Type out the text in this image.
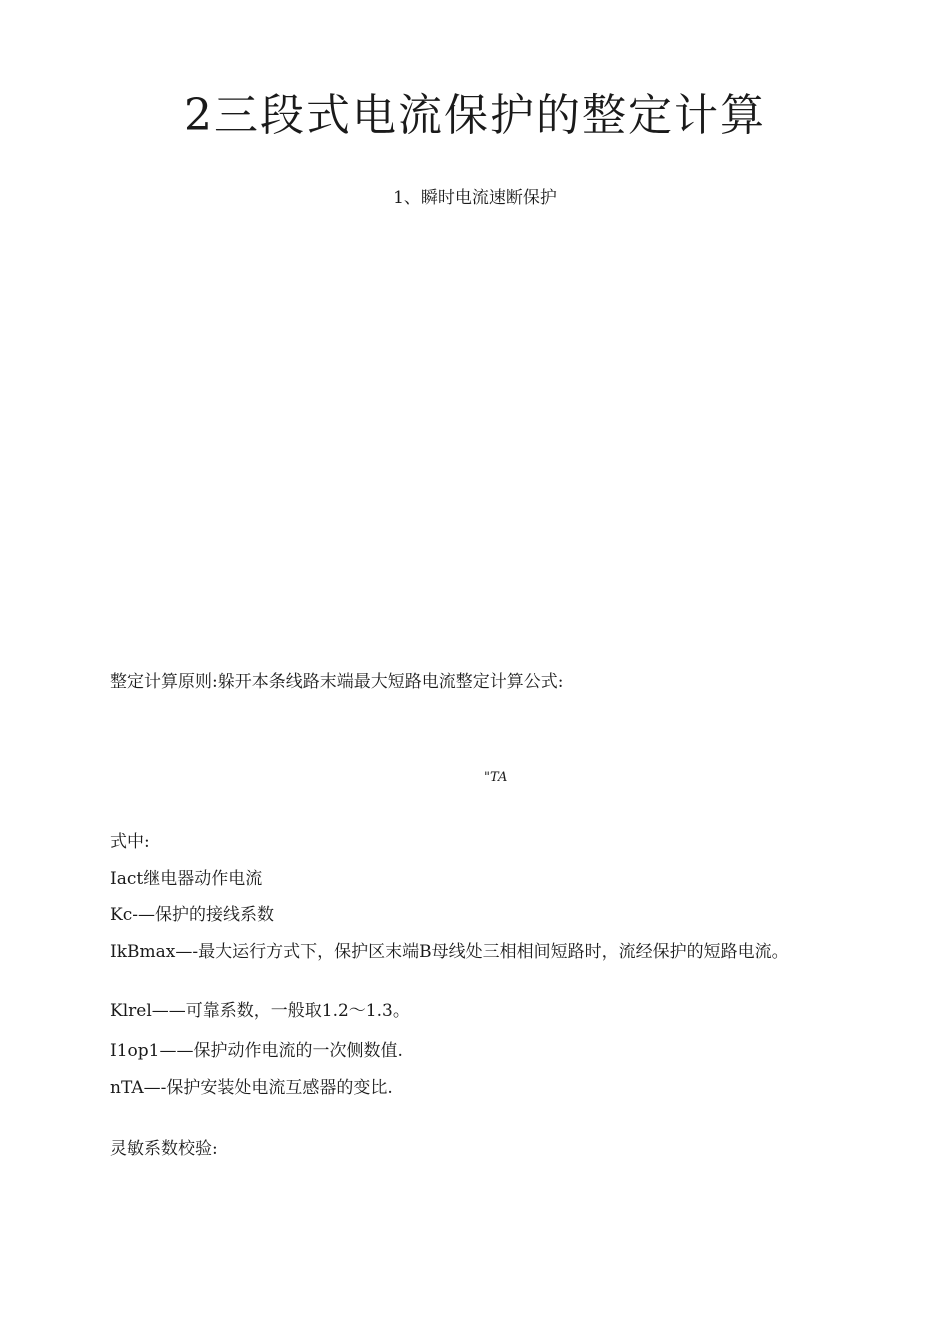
2三段式电流保护的整定计算
1、瞬时电流速断保护
整定计算原则:躲开本条线路末端最大短路电流整定计算公式:
"TA
式中:
Iact继电器动作电流
Kc-—保护的接线系数
IkBmax—-最大运行方式下，保护区末端B母线处三相相间短路时，流经保护的短路电流。
Klrel——可靠系数，一般取1.2〜1.3。
I1op1——保护动作电流的一次侧数值.
nTA—-保护安装处电流互感器的变比.
灵敏系数校验:
